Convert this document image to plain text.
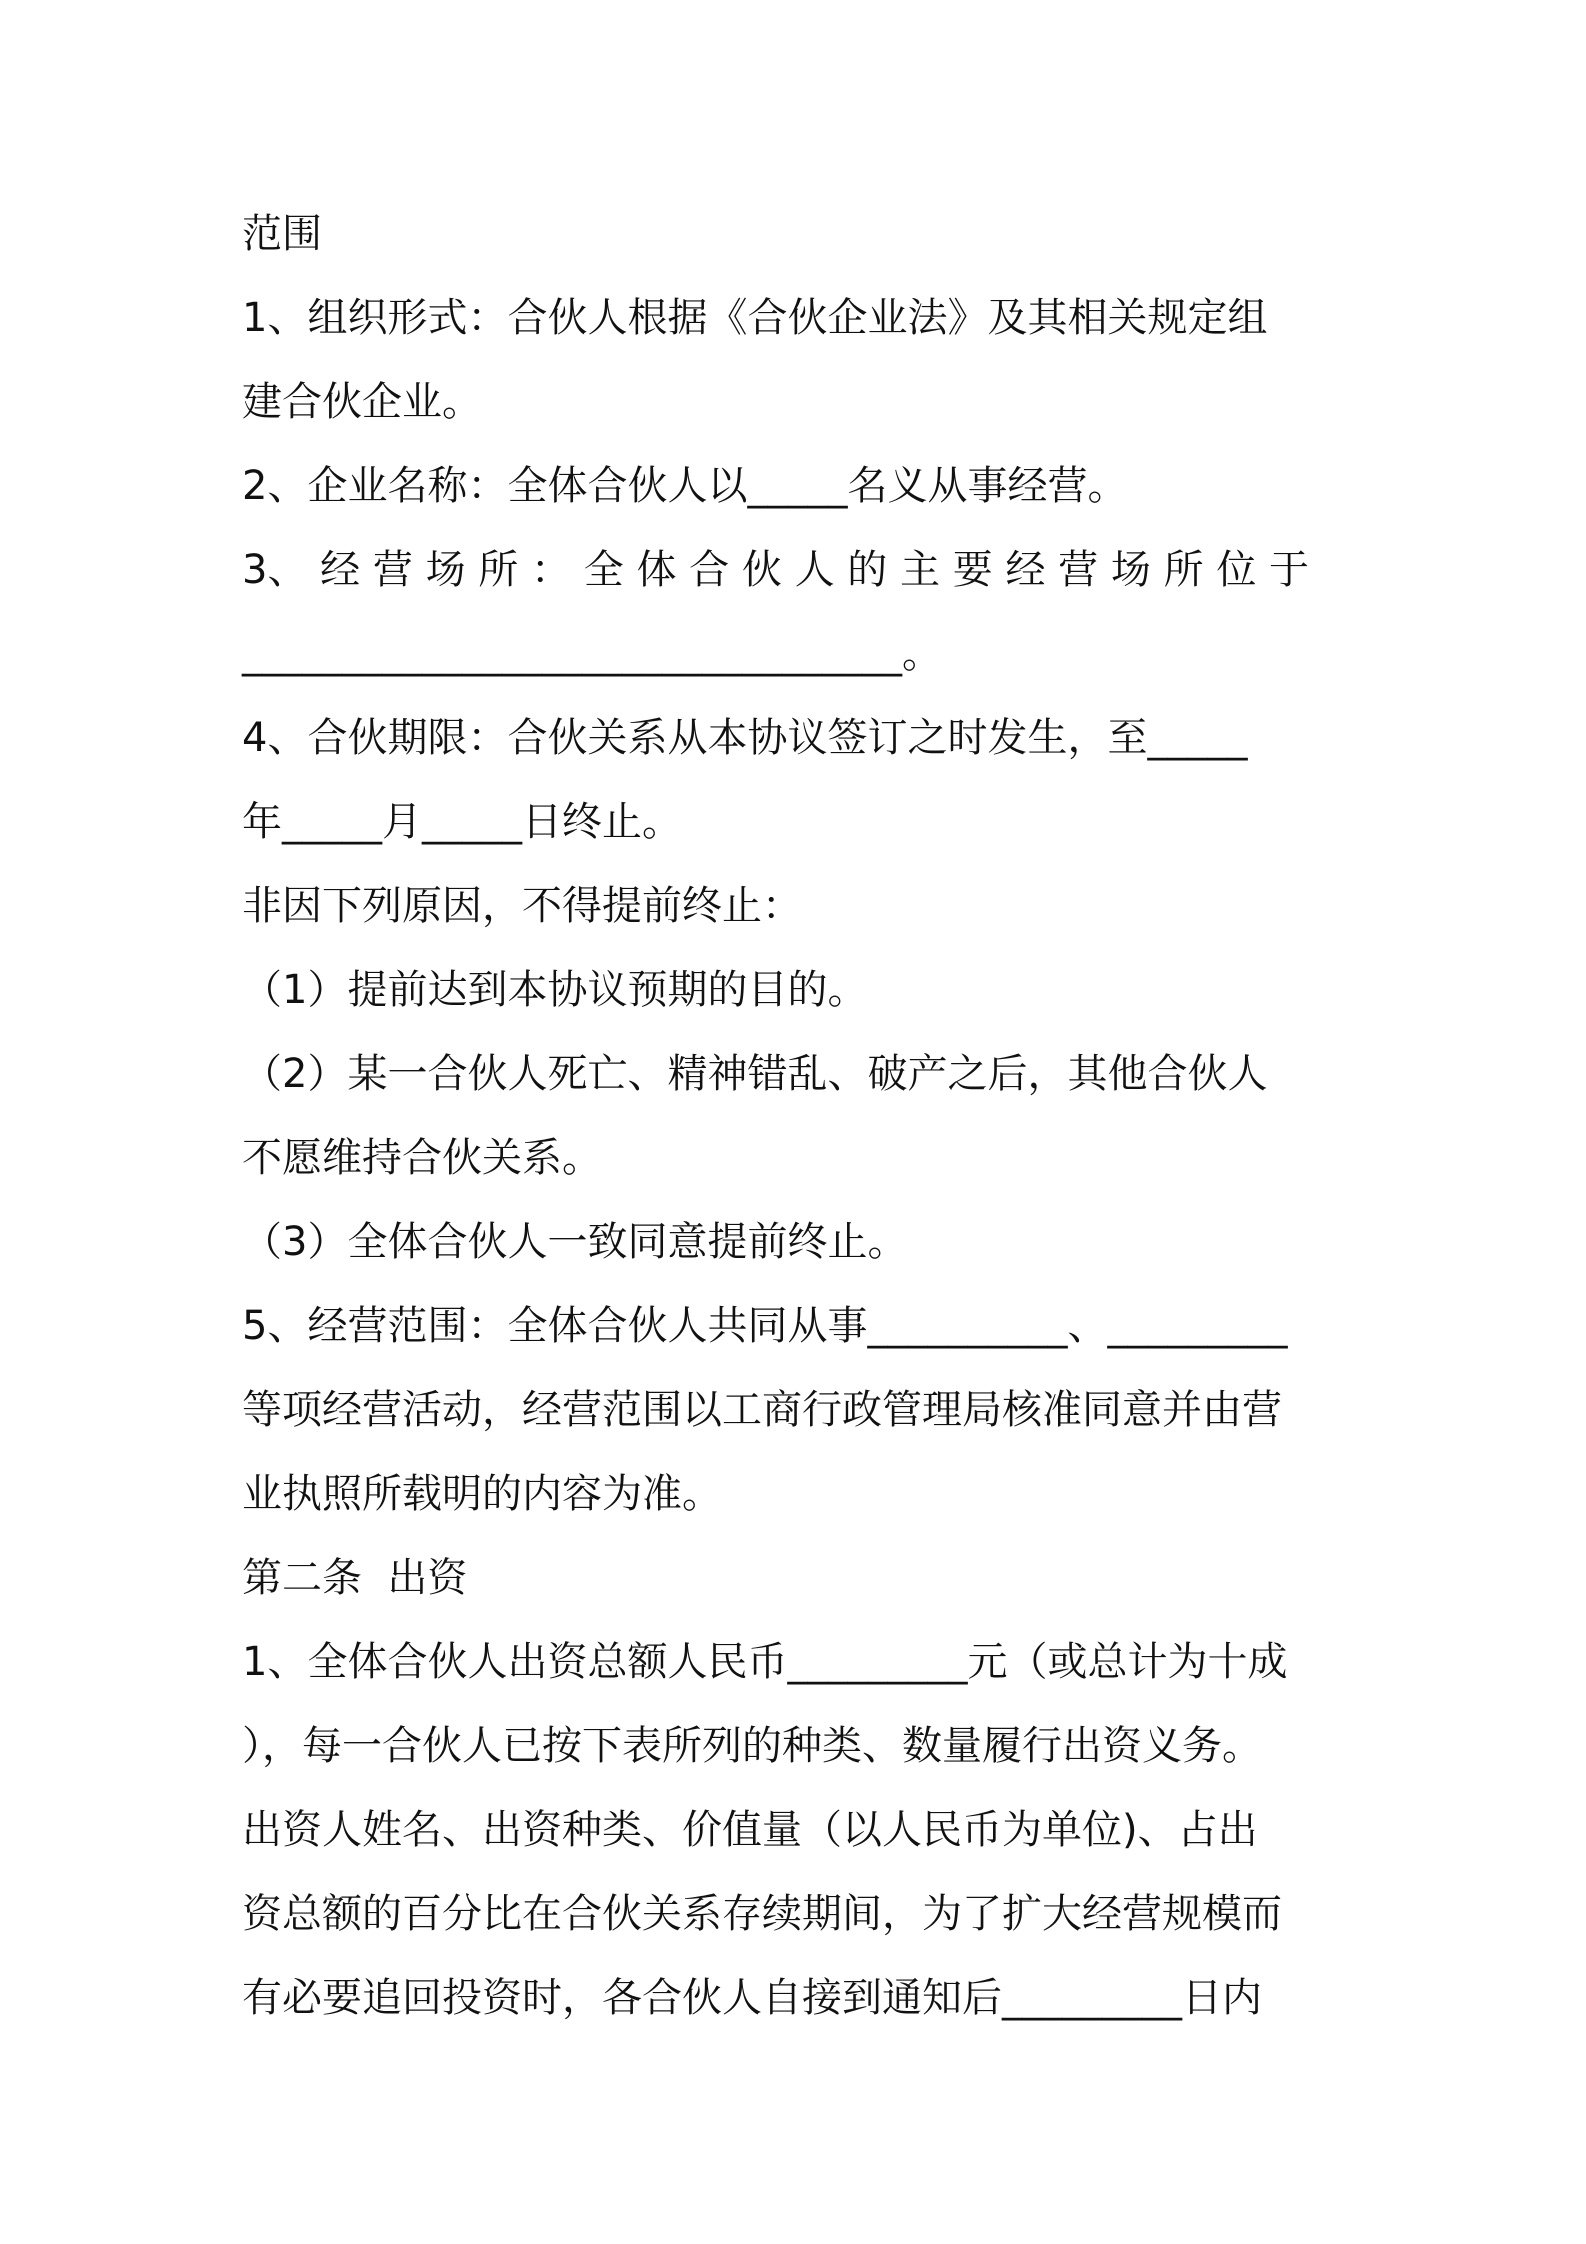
范围
1、组织形式：合伙人根据《合伙企业法》及其相关规定组
建合伙企业。
2、企业名称：全体合伙人以_____名义从事经营。
3、 经 营 场 所 ： 全 体 合 伙 人 的 主 要 经 营 场 所 位 于
_________________________________。
4、合伙期限：合伙关系从本协议签订之时发生，至_____
年_____月_____日终止。
非因下列原因，不得提前终止：
（1）提前达到本协议预期的目的。
（2）某一合伙人死亡、精神错乱、破产之后，其他合伙人
不愿维持合伙关系。
（3）全体合伙人一致同意提前终止。
5、经营范围：全体合伙人共同从事__________、_________
等项经营活动，经营范围以工商行政管理局核准同意并由营
业执照所载明的内容为准。
第二条  出资
1、全体合伙人出资总额人民币_________元（或总计为十成
），每一合伙人已按下表所列的种类、数量履行出资义务。
出资人姓名、出资种类、价值量（以人民币为单位)、占出
资总额的百分比在合伙关系存续期间，为了扩大经营规模而
有必要追回投资时，各合伙人自接到通知后_________日内
